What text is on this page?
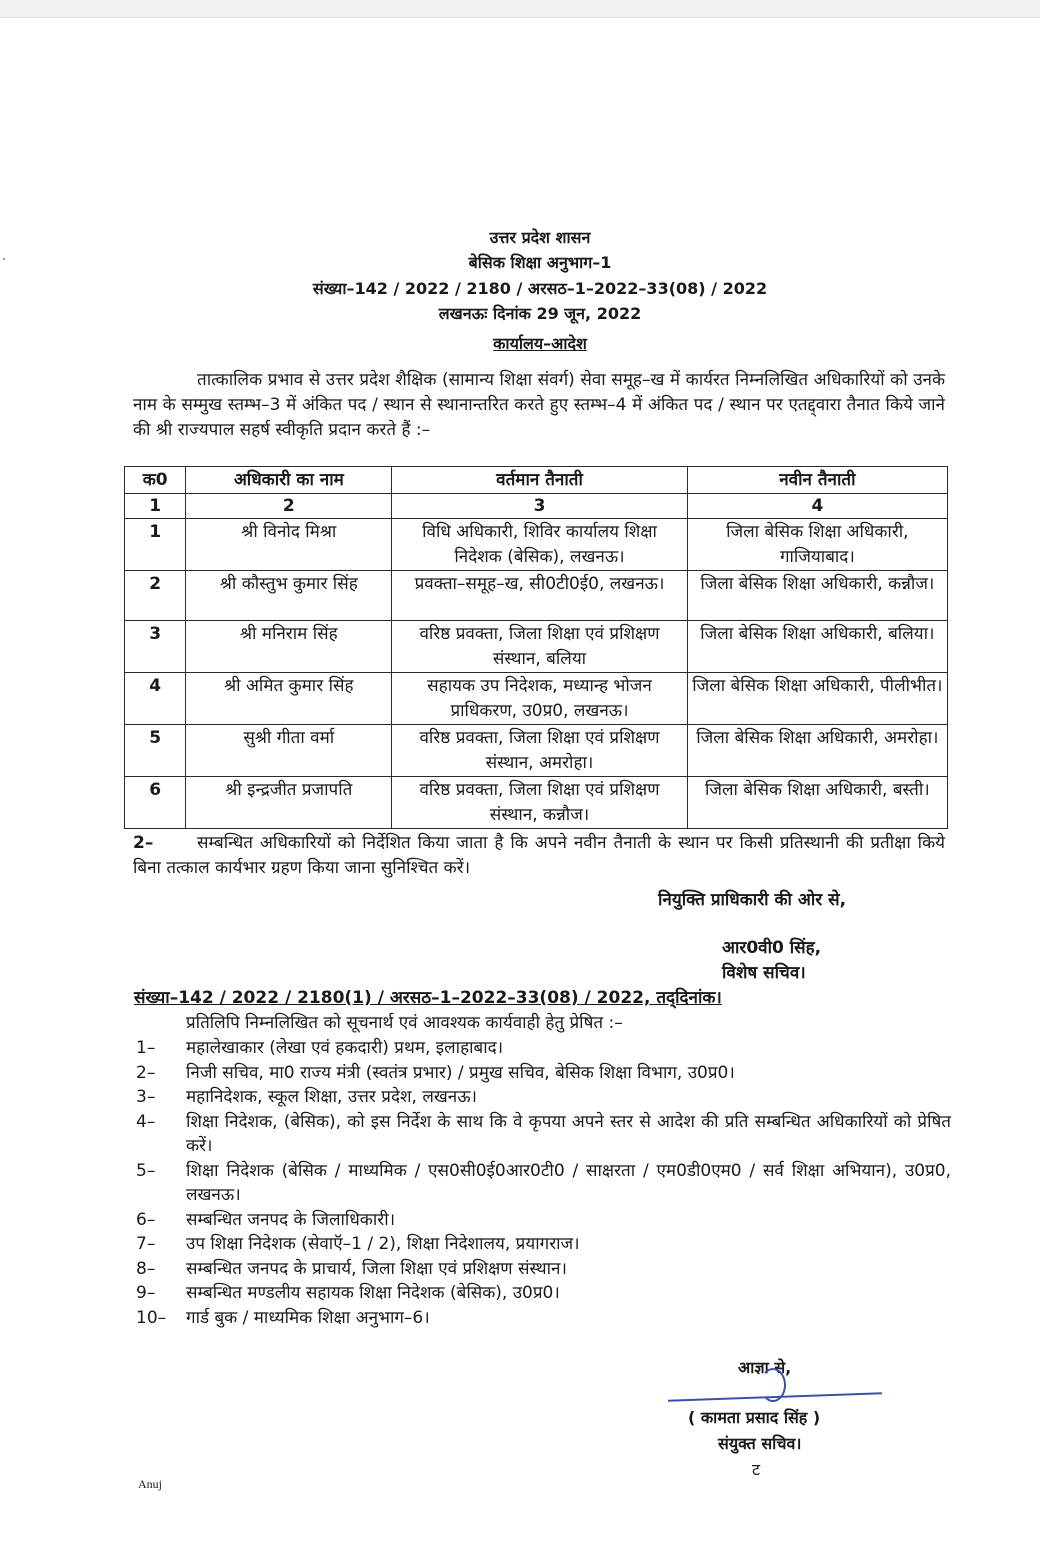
उत्तर प्रदेश शासन
बेसिक शिक्षा अनुभाग–1
संख्या–142 / 2022 / 2180 / अरसठ–1–2022–33(08) / 2022
लखनऊः दिनांक 29 जून, 2022
कार्यालय–आदेश
तात्कालिक प्रभाव से उत्तर प्रदेश शैक्षिक (सामान्य शिक्षा संवर्ग) सेवा समूह–ख में कार्यरत निम्नलिखित अधिकारियों को उनके नाम के सम्मुख स्तम्भ–3 में अंकित पद / स्थान से स्थानान्तरित करते हुए स्तम्भ–4 में अंकित पद / स्थान पर एतद्द्वारा तैनात किये जाने की श्री राज्यपाल सहर्ष स्वीकृति प्रदान करते हैं :–
क0	अधिकारी का नाम	वर्तमान तैनाती	नवीन तैनाती
1	2	3	4
1	श्री विनोद मिश्रा	विधि अधिकारी, शिविर कार्यालय शिक्षा निदेशक (बेसिक), लखनऊ।	जिला बेसिक शिक्षा अधिकारी, गाजियाबाद।
2	श्री कौस्तुभ कुमार सिंह	प्रवक्ता–समूह–ख, सी0टी0ई0, लखनऊ।	जिला बेसिक शिक्षा अधिकारी, कन्नौज।
3	श्री मनिराम सिंह	वरिष्ठ प्रवक्ता, जिला शिक्षा एवं प्रशिक्षण संस्थान, बलिया	जिला बेसिक शिक्षा अधिकारी, बलिया।
4	श्री अमित कुमार सिंह	सहायक उप निदेशक, मध्यान्ह भोजन प्राधिकरण, उ0प्र0, लखनऊ।	जिला बेसिक शिक्षा अधिकारी, पीलीभीत।
5	सुश्री गीता वर्मा	वरिष्ठ प्रवक्ता, जिला शिक्षा एवं प्रशिक्षण संस्थान, अमरोहा।	जिला बेसिक शिक्षा अधिकारी, अमरोहा।
6	श्री इन्द्रजीत प्रजापति	वरिष्ठ प्रवक्ता, जिला शिक्षा एवं प्रशिक्षण संस्थान, कन्नौज।	जिला बेसिक शिक्षा अधिकारी, बस्ती।
2–	सम्बन्धित अधिकारियों को निर्देशित किया जाता है कि अपने नवीन तैनाती के स्थान पर किसी प्रतिस्थानी की प्रतीक्षा किये बिना तत्काल कार्यभार ग्रहण किया जाना सुनिश्चित करें।
नियुक्ति प्राधिकारी की ओर से,
आर0वी0 सिंह,
विशेष सचिव।
संख्या–142 / 2022 / 2180(1) / अरसठ–1–2022–33(08) / 2022, तद्‌दिनांक।
प्रतिलिपि निम्नलिखित को सूचनार्थ एवं आवश्यक कार्यवाही हेतु प्रेषित :–
1–	महालेखाकार (लेखा एवं हकदारी) प्रथम, इलाहाबाद।
2–	निजी सचिव, मा0 राज्य मंत्री (स्वतंत्र प्रभार) / प्रमुख सचिव, बेसिक शिक्षा विभाग, उ0प्र0।
3–	महानिदेशक, स्कूल शिक्षा, उत्तर प्रदेश, लखनऊ।
4–	शिक्षा निदेशक, (बेसिक), को इस निर्देश के साथ कि वे कृपया अपने स्तर से आदेश की प्रति सम्बन्धित अधिकारियों को प्रेषित करें।
5–	शिक्षा निदेशक (बेसिक / माध्यमिक / एस0सी0ई0आर0टी0 / साक्षरता / एम0डी0एम0 / सर्व शिक्षा अभियान), उ0प्र0, लखनऊ।
6–	सम्बन्धित जनपद के जिलाधिकारी।
7–	उप शिक्षा निदेशक (सेवाऍ–1 / 2), शिक्षा निदेशालय, प्रयागराज।
8–	सम्बन्धित जनपद के प्राचार्य, जिला शिक्षा एवं प्रशिक्षण संस्थान।
9–	सम्बन्धित मण्डलीय सहायक शिक्षा निदेशक (बेसिक), उ0प्र0।
10–	गार्ड बुक / माध्यमिक शिक्षा अनुभाग–6।
आज्ञा से,
( कामता प्रसाद सिंह )
संयुक्त सचिव।
ट
Anuj
